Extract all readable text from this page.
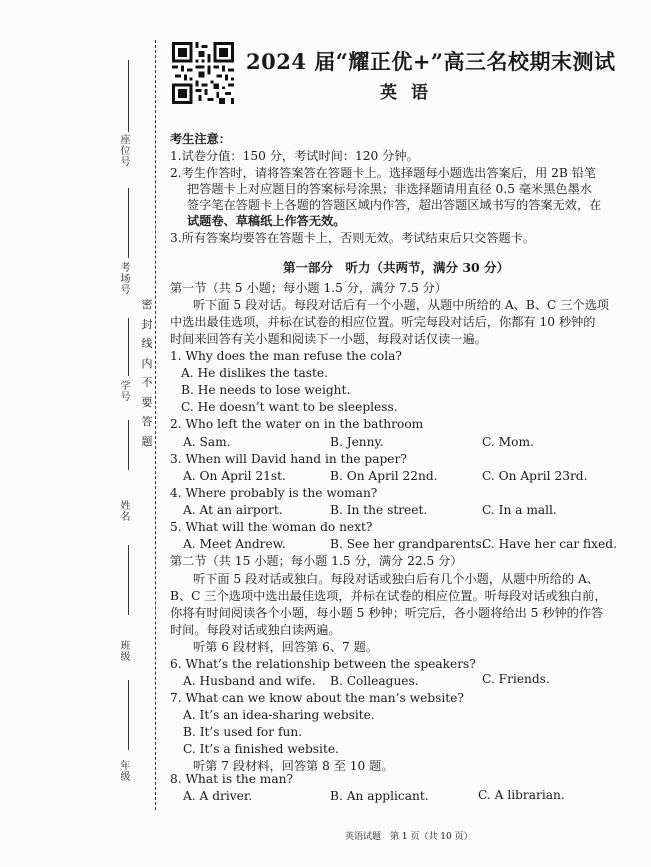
座位号
考场号
学号
姓名
班级
年级
密
封
线
内
不
要
答
题
2024 届“耀正优+”高三名校期末测试
英语
考生注意：
1.试卷分值：150 分，考试时间：120 分钟。
2.考生作答时，请将答案答在答题卡上。选择题每小题选出答案后，用 2B 铅笔
把答题卡上对应题目的答案标号涂黑；非选择题请用直径 0.5 毫米黑色墨水
签字笔在答题卡上各题的答题区域内作答，超出答题区域书写的答案无效，在
试题卷、草稿纸上作答无效。
3.所有答案均要答在答题卡上，否则无效。考试结束后只交答题卡。
第一部分　听力（共两节，满分 30 分）
第一节（共 5 小题；每小题 1.5 分，满分 7.5 分）
听下面 5 段对话。每段对话后有一个小题，从题中所给的 A、B、C 三个选项
中选出最佳选项，并标在试卷的相应位置。听完每段对话后，你都有 10 秒钟的
时间来回答有关小题和阅读下一小题，每段对话仅读一遍。
1. Why does the man refuse the cola?
A. He dislikes the taste.
B. He needs to lose weight.
C. He doesn’t want to be sleepless.
2. Who left the water on in the bathroom
A. Sam.	B. Jenny.	C. Mom.
3. When will David hand in the paper?
A. On April 21st.	B. On April 22nd.	C. On April 23rd.
4. Where probably is the woman?
A. At an airport.	B. In the street.	C. In a mall.
5. What will the woman do next?
A. Meet Andrew.	B. See her grandparents.
C. Have her car fixed.
第二节（共 15 小题；每小题 1.5 分，满分 22.5 分）
听下面 5 段对话或独白。每段对话或独白后有几个小题，从题中所给的 A、
B、C 三个选项中选出最佳选项，并标在试卷的相应位置。听每段对话或独白前，
你将有时间阅读各个小题，每小题 5 秒钟；听完后，各小题将给出 5 秒钟的作答
时间。每段对话或独白读两遍。
听第 6 段材料，回答第 6、7 题。
6. What’s the relationship between the speakers?
A. Husband and wife. B. Colleagues.	C. Friends.
7. What can we know about the man’s website?
A. It’s an idea-sharing website.
B. It’s used for fun.
C. It’s a finished website.
听第 7 段材料，回答第 8 至 10 题。
8. What is the man?
A. A driver.	B. An applicant.	C. A librarian.
英语试题　第 1 页（共 10 页）
